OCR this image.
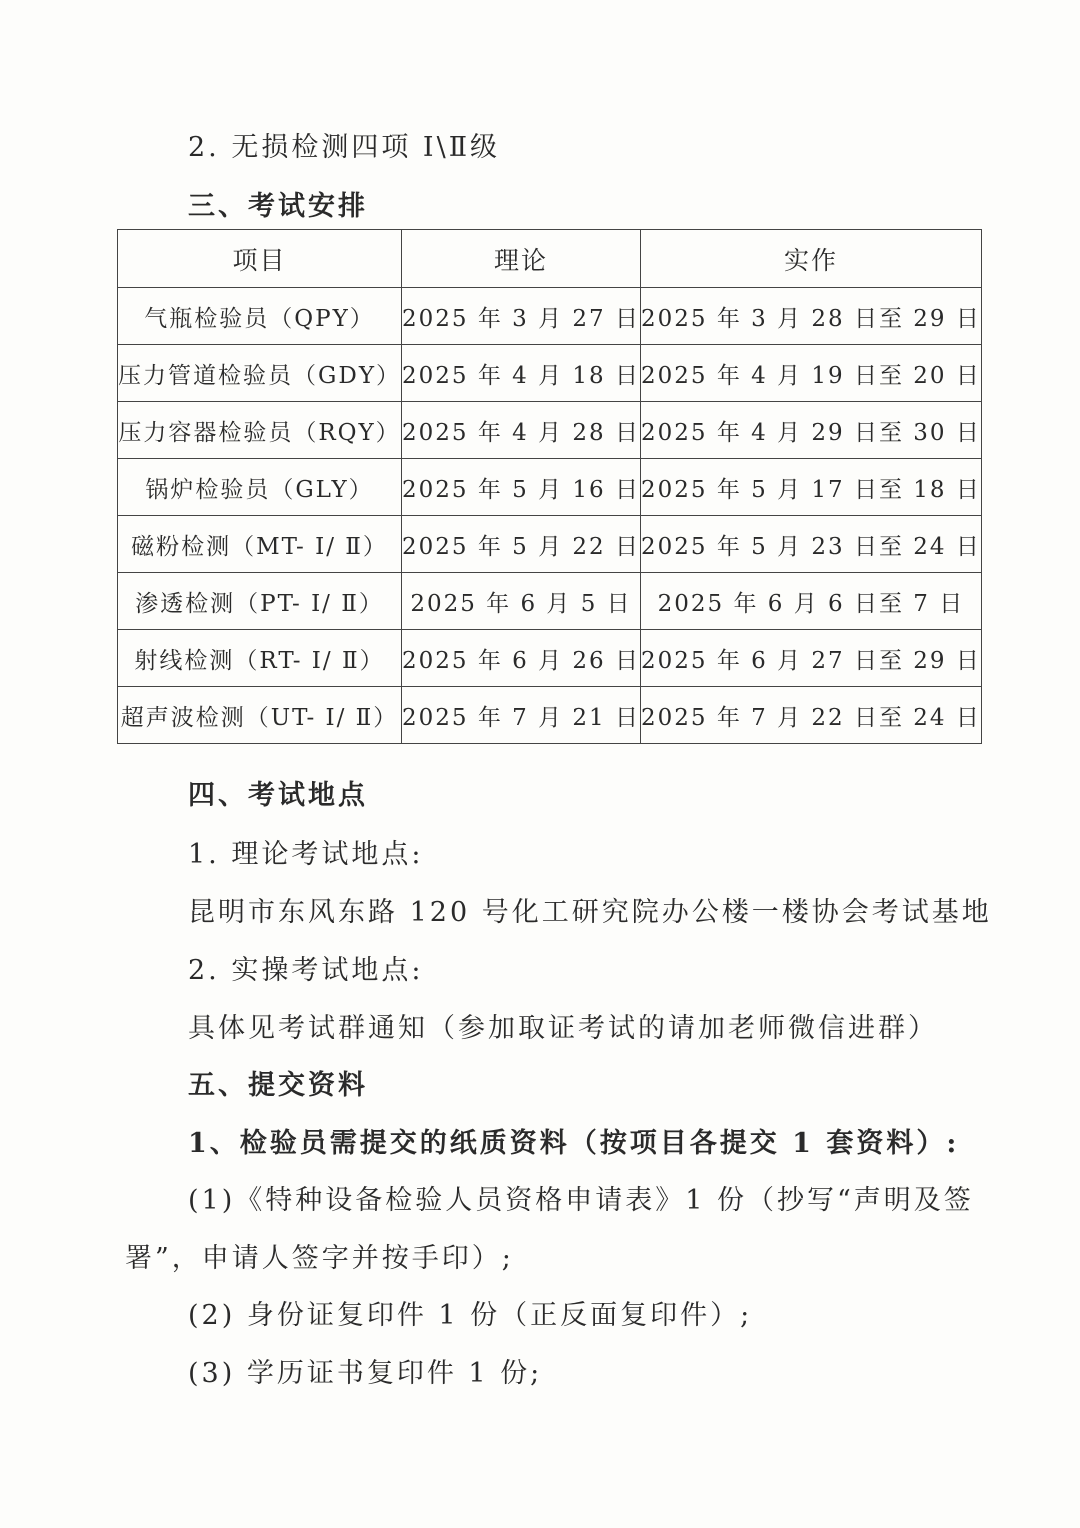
2. 无损检测四项 I\Ⅱ级
三、考试安排
项目	理论	实作
气瓶检验员（QPY）	2025 年 3 月 27 日	2025 年 3 月 28 日至 29 日
压力管道检验员（GDY）	2025 年 4 月 18 日	2025 年 4 月 19 日至 20 日
压力容器检验员（RQY）	2025 年 4 月 28 日	2025 年 4 月 29 日至 30 日
锅炉检验员（GLY）	2025 年 5 月 16 日	2025 年 5 月 17 日至 18 日
磁粉检测（MT- Ⅰ/ Ⅱ）	2025 年 5 月 22 日	2025 年 5 月 23 日至 24 日
渗透检测（PT- Ⅰ/ Ⅱ）	2025 年 6 月 5 日	2025 年 6 月 6 日至 7 日
射线检测（RT- Ⅰ/ Ⅱ）	2025 年 6 月 26 日	2025 年 6 月 27 日至 29 日
超声波检测（UT- Ⅰ/ Ⅱ）	2025 年 7 月 21 日	2025 年 7 月 22 日至 24 日
四、考试地点
1. 理论考试地点:
昆明市东风东路 120 号化工研究院办公楼一楼协会考试基地
2. 实操考试地点:
具体见考试群通知（参加取证考试的请加老师微信进群）
五、提交资料
1、检验员需提交的纸质资料（按项目各提交 1 套资料）:
(1)《特种设备检验人员资格申请表》1 份（抄写“声明及签
署”，申请人签字并按手印）;
(2) 身份证复印件 1 份（正反面复印件）;
(3) 学历证书复印件 1 份;
